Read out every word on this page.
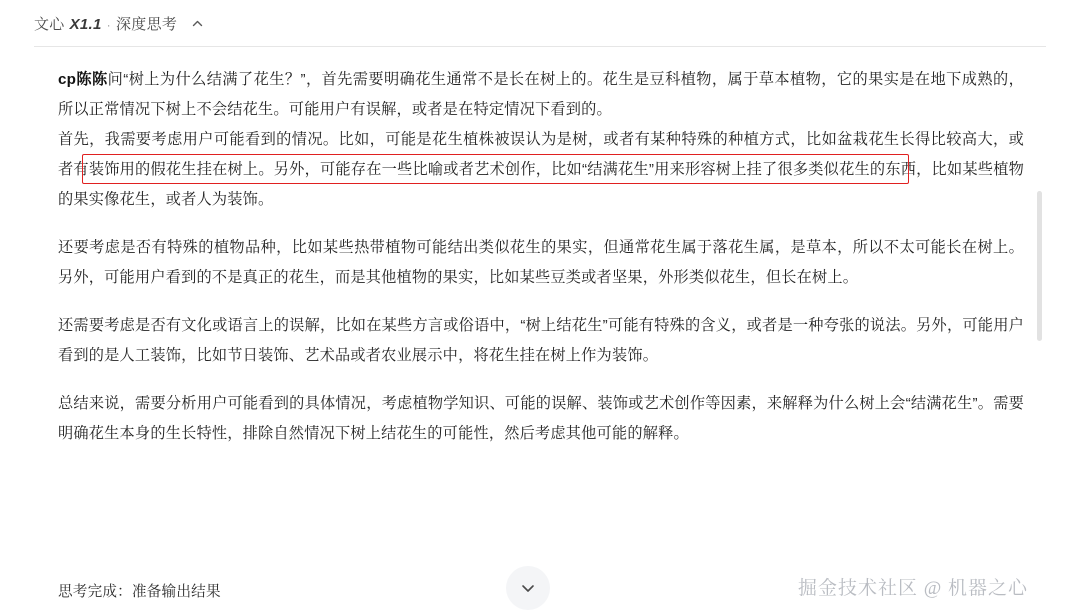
文心 X1.1 · 深度思考

cp陈陈问“树上为什么结满了花生？”，首先需要明确花生通常不是长在树上的。花生是豆科植物，属于草本植物，它的果实是在地下成熟的，所以正常情况下树上不会结花生。可能用户有误解，或者是在特定情况下看到的。

首先，我需要考虑用户可能看到的情况。比如，可能是花生植株被误认为是树，或者有某种特殊的种植方式，比如盆栽花生长得比较高大，或者有装饰用的假花生挂在树上。另外，可能存在一些比喻或者艺术创作，比如“结满花生”用来形容树上挂了很多类似花生的东西，比如某些植物的果实像花生，或者人为装饰。

还要考虑是否有特殊的植物品种，比如某些热带植物可能结出类似花生的果实，但通常花生属于落花生属，是草本，所以不太可能长在树上。另外，可能用户看到的不是真正的花生，而是其他植物的果实，比如某些豆类或者坚果，外形类似花生，但长在树上。

还需要考虑是否有文化或语言上的误解，比如在某些方言或俗语中，“树上结花生”可能有特殊的含义，或者是一种夸张的说法。另外，可能用户看到的是人工装饰，比如节日装饰、艺术品或者农业展示中，将花生挂在树上作为装饰。

总结来说，需要分析用户可能看到的具体情况，考虑植物学知识、可能的误解、装饰或艺术创作等因素，来解释为什么树上会“结满花生”。需要明确花生本身的生长特性，排除自然情况下树上结花生的可能性，然后考虑其他可能的解释。

思考完成：准备输出结果	掘金技术社区 @ 机器之心
